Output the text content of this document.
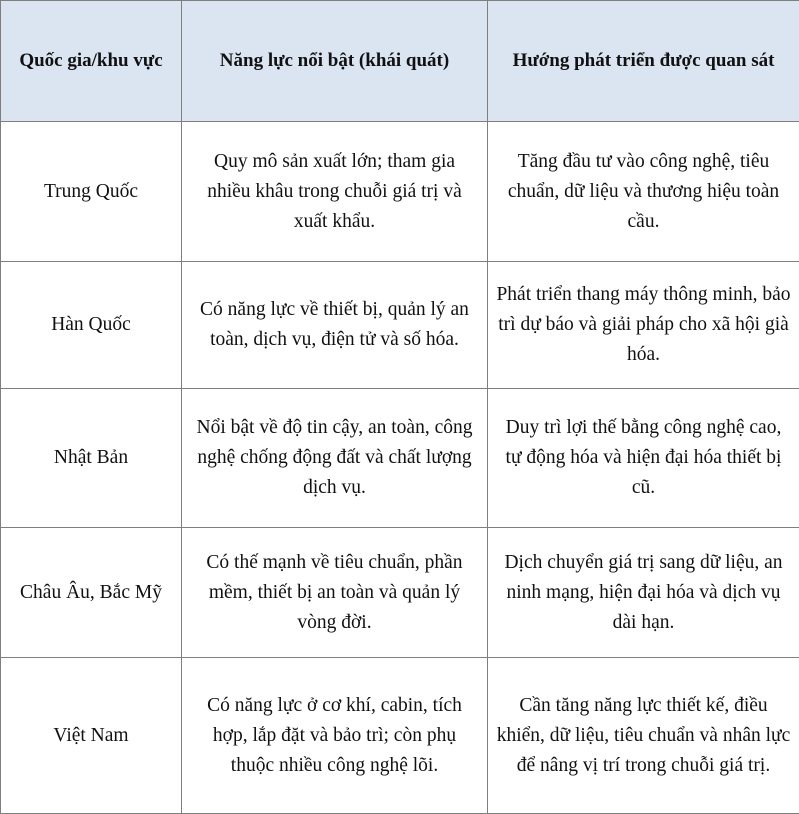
Quốc gia/khu vực	Năng lực nổi bật (khái quát)	Hướng phát triển được quan sát
Trung Quốc	Quy mô sản xuất lớn; tham gia nhiều khâu trong chuỗi giá trị và xuất khẩu.	Tăng đầu tư vào công nghệ, tiêu chuẩn, dữ liệu và thương hiệu toàn cầu.
Hàn Quốc	Có năng lực về thiết bị, quản lý an toàn, dịch vụ, điện tử và số hóa.	Phát triển thang máy thông minh, bảo trì dự báo và giải pháp cho xã hội già hóa.
Nhật Bản	Nổi bật về độ tin cậy, an toàn, công nghệ chống động đất và chất lượng dịch vụ.	Duy trì lợi thế bằng công nghệ cao, tự động hóa và hiện đại hóa thiết bị cũ.
Châu Âu, Bắc Mỹ	Có thế mạnh về tiêu chuẩn, phần mềm, thiết bị an toàn và quản lý vòng đời.	Dịch chuyển giá trị sang dữ liệu, an ninh mạng, hiện đại hóa và dịch vụ dài hạn.
Việt Nam	Có năng lực ở cơ khí, cabin, tích hợp, lắp đặt và bảo trì; còn phụ thuộc nhiều công nghệ lõi.	Cần tăng năng lực thiết kế, điều khiển, dữ liệu, tiêu chuẩn và nhân lực để nâng vị trí trong chuỗi giá trị.
